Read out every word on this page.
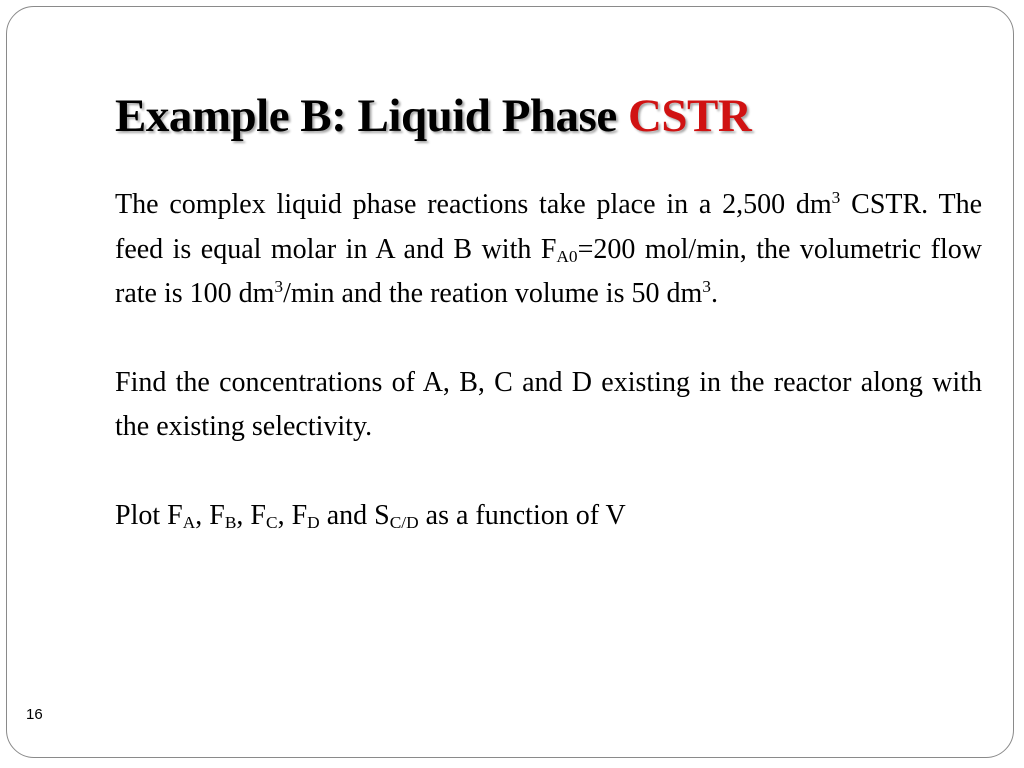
Example B: Liquid Phase CSTR

The complex liquid phase reactions take place in a 2,500 $dm^3$ CSTR. The feed is equal molar in A and B with $F_{A0}=200$ mol/min, the volumetric flow rate is 100 $dm^3/\min$ and the reation volume is 50 $dm^3$.

Find the concentrations of A, B, C and D existing in the reactor along with the existing selectivity.

Plot $F_A$, $F_B$, $F_C$, $F_D$ and $S_{C/D}$ as a function of V

16
